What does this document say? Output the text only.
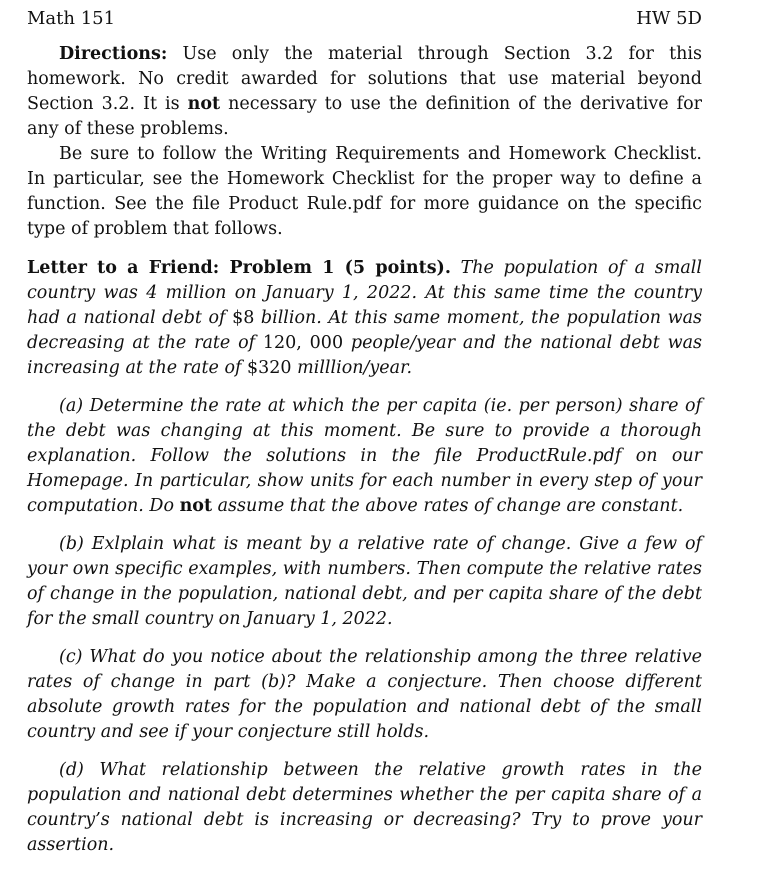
Math 151	HW 5D

Directions: Use only the material through Section 3.2 for this homework. No credit awarded for solutions that use material beyond Section 3.2. It is not necessary to use the definition of the derivative for any of these problems.

Be sure to follow the Writing Requirements and Homework Checklist. In particular, see the Homework Checklist for the proper way to define a function. See the file Product Rule.pdf for more guidance on the specific type of problem that follows.

Letter to a Friend: Problem 1 (5 points). The population of a small country was 4 million on January 1, 2022. At this same time the country had a national debt of $8 billion. At this same moment, the population was decreasing at the rate of 120, 000 people/year and the national debt was increasing at the rate of $320 milllion/year.

(a) Determine the rate at which the per capita (ie. per person) share of the debt was changing at this moment. Be sure to provide a thorough explanation. Follow the solutions in the file ProductRule.pdf on our Homepage. In particular, show units for each number in every step of your computation. Do not assume that the above rates of change are constant.

(b) Exlplain what is meant by a relative rate of change. Give a few of your own specific examples, with numbers. Then compute the relative rates of change in the population, national debt, and per capita share of the debt for the small country on January 1, 2022.

(c) What do you notice about the relationship among the three relative rates of change in part (b)? Make a conjecture. Then choose different absolute growth rates for the population and national debt of the small country and see if your conjecture still holds.

(d) What relationship between the relative growth rates in the population and national debt determines whether the per capita share of a country’s national debt is increasing or decreasing? Try to prove your assertion.
